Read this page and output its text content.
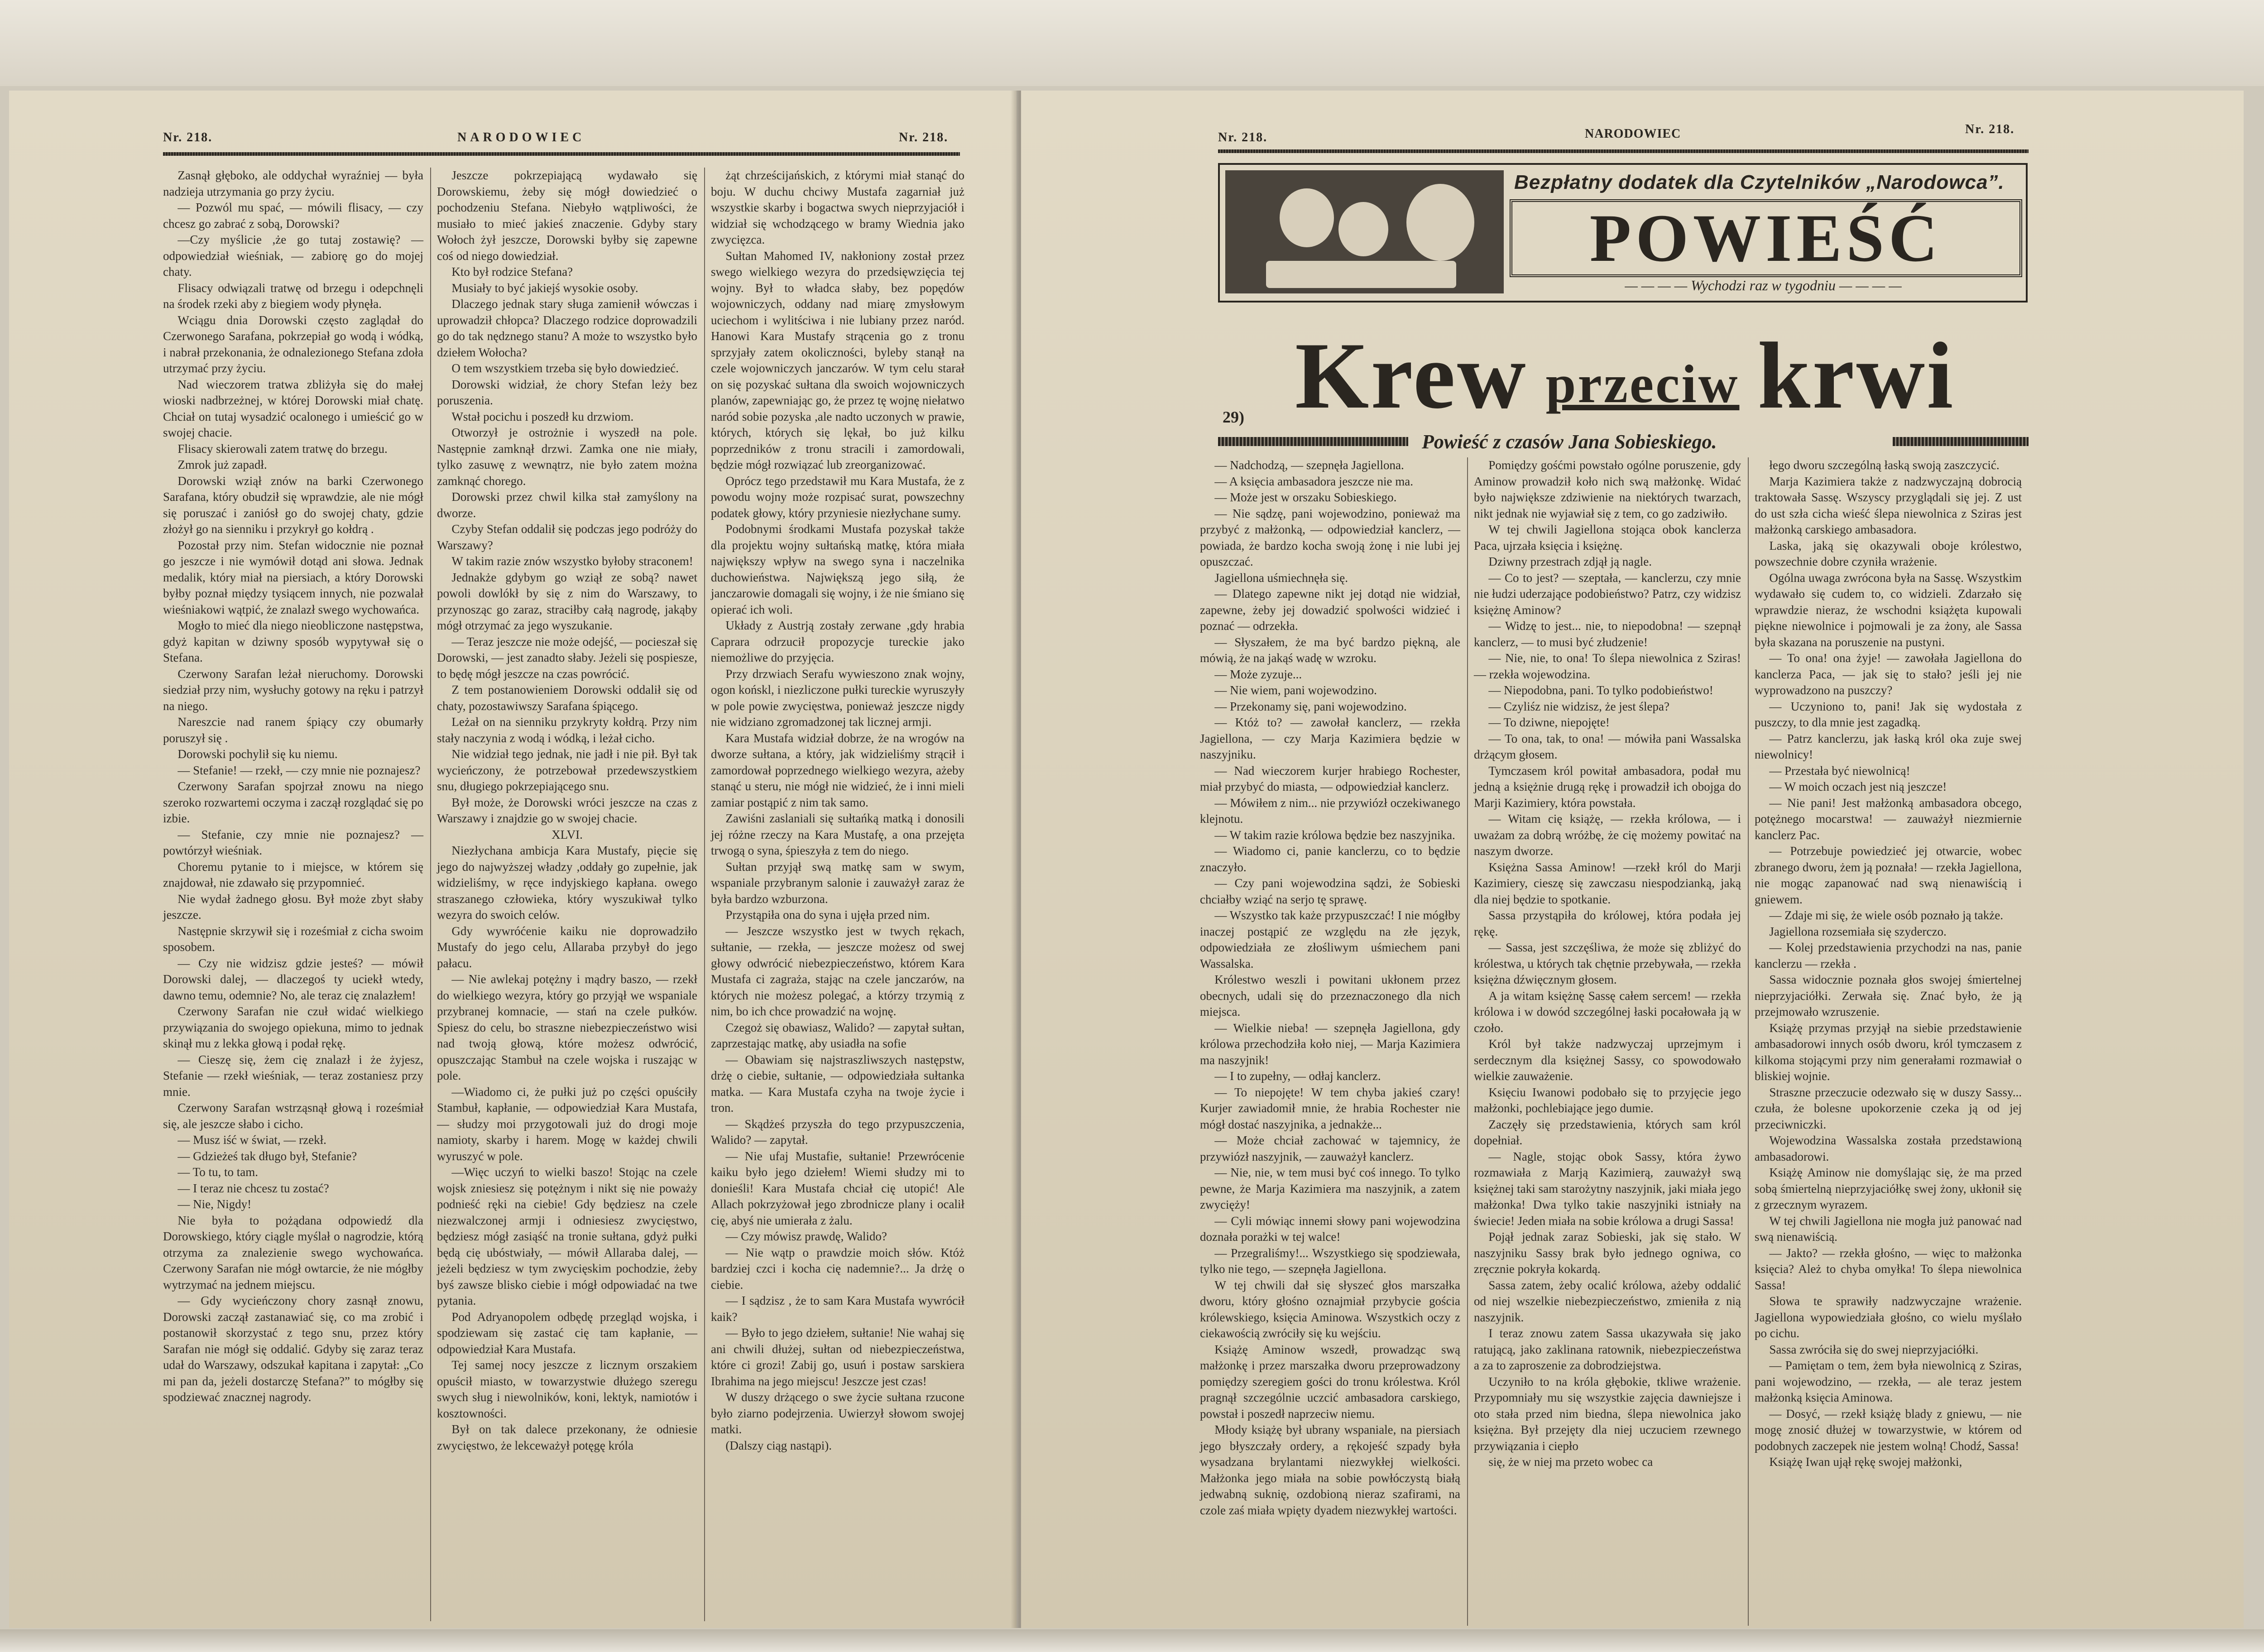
Nr. 218.	NARODOWIEC	Nr. 218.

Zasnął głęboko, ale oddychał wyraźniej — była nadzieja utrzymania go przy życiu.

— Pozwól mu spać, — mówili flisacy, — czy chcesz go zabrać z sobą, Dorowski?

—Czy myślicie ,że go tutaj zostawię? — odpowiedział wieśniak, — zabiorę go do mojej chaty.

Flisacy odwiązali tratwę od brzegu i odepchnęli na środek rzeki aby z biegiem wody płynęła.

Wciągu dnia Dorowski często zaglądał do Czerwonego Sarafana, pokrzepiał go wodą i wódką, i nabrał przekonania, że odnalezionego Stefana zdoła utrzymać przy życiu.

Nad wieczorem tratwa zbliżyła się do małej wioski nadbrzeżnej, w której Dorowski miał chatę. Chciał on tutaj wysadzić ocalonego i umieścić go w swojej chacie.

Flisacy skierowali zatem tratwę do brzegu.

Zmrok już zapadł.

Dorowski wziął znów na barki Czerwonego Sarafana, który obudził się wprawdzie, ale nie mógł się poruszać i zaniósł go do swojej chaty, gdzie złożył go na sienniku i przykrył go kołdrą .

Pozostał przy nim. Stefan widocznie nie poznał go jeszcze i nie wymówił dotąd ani słowa. Jednak medalik, który miał na piersiach, a który Dorowski byłby poznał między tysiącem innych, nie pozwalał wieśniakowi wątpić, że znalazł swego wychowańca.

Mogło to mieć dla niego nieobliczone następstwa, gdyż kapitan w dziwny sposób wypytywał się o Stefana.

Czerwony Sarafan leżał nieruchomy. Dorowski siedział przy nim, wysłuchy gotowy na ręku i patrzył na niego.

Nareszcie nad ranem śpiący czy obumarły poruszył się .

Dorowski pochylił się ku niemu.

— Stefanie! — rzekł, — czy mnie nie poznajesz?

Czerwony Sarafan spojrzał znowu na niego szeroko rozwartemi oczyma i zaczął rozglądać się po izbie.

— Stefanie, czy mnie nie poznajesz? — powtórzył wieśniak.

Choremu pytanie to i miejsce, w którem się znajdował, nie zdawało się przypomnieć.

Nie wydał żadnego głosu. Był może zbyt słaby jeszcze.

Następnie skrzywił się i roześmiał z cicha swoim sposobem.

— Czy nie widzisz gdzie jesteś? — mówił Dorowski dalej, — dlaczegoś ty uciekł wtedy, dawno temu, odemnie? No, ale teraz cię znalazłem!

Czerwony Sarafan nie czuł widać wielkiego przywiązania do swojego opiekuna, mimo to jednak skinął mu z lekka głową i podał rękę.

— Cieszę się, żem cię znalazł i że żyjesz, Stefanie — rzekł wieśniak, — teraz zostaniesz przy mnie.

Czerwony Sarafan wstrząsnął głową i roześmiał się, ale jeszcze słabo i cicho.

— Musz iść w świat, — rzekł.

— Gdzieżeś tak długo był, Stefanie?

— To tu, to tam.

— I teraz nie chcesz tu zostać?

— Nie, Nigdy!

Nie była to pożądana odpowiedź dla Dorowskiego, który ciągle myślał o nagrodzie, którą otrzyma za znalezienie swego wychowańca. Czerwony Sarafan nie mógł owtarcie, że nie mógłby wytrzymać na jednem miejscu.

— Gdy wycieńczony chory zasnął znowu, Dorowski zaczął zastanawiać się, co ma zrobić i postanowił skorzystać z tego snu, przez który Sarafan nie mógł się oddalić. Gdyby się zaraz teraz udał do Warszawy, odszukał kapitana i zapytał: „Co mi pan da, jeżeli dostarczę Stefana?” to mógłby się spodziewać znacznej nagrody.

Jeszcze pokrzepiającą wydawało się Dorowskiemu, żeby się mógł dowiedzieć o pochodzeniu Stefana. Niebyło wątpliwości, że musiało to mieć jakieś znaczenie. Gdyby stary Wołoch żył jeszcze, Dorowski byłby się zapewne coś od niego dowiedział.

Kto był rodzice Stefana?

Musiały to być jakiejś wysokie osoby.

Dlaczego jednak stary sługa zamienił wówczas i uprowadził chłopca? Dlaczego rodzice doprowadzili go do tak nędznego stanu? A może to wszystko było dziełem Wołocha?

O tem wszystkiem trzeba się było dowiedzieć.

Dorowski widział, że chory Stefan leży bez poruszenia.

Wstał pocichu i poszedł ku drzwiom.

Otworzył je ostrożnie i wyszedł na pole. Następnie zamknął drzwi. Zamka one nie miały, tylko zasuwę z wewnątrz, nie było zatem można zamknąć chorego.

Dorowski przez chwil kilka stał zamyślony na dworze.

Czyby Stefan oddalił się podczas jego podróży do Warszawy?

W takim razie znów wszystko byłoby straconem!

Jednakże gdybym go wziął ze sobą? nawet powoli dowlókł by się z nim do Warszawy, to przynosząc go zaraz, straciłby całą nagrodę, jakąby mógł otrzymać za jego wyszukanie.

— Teraz jeszcze nie może odejść, — pocieszał się Dorowski, — jest zanadto słaby. Jeżeli się pospiesze, to będę mógł jeszcze na czas powrócić.

Z tem postanowieniem Dorowski oddalił się od chaty, pozostawiwszy Sarafana śpiącego.

Leżał on na sienniku przykryty kołdrą. Przy nim stały naczynia z wodą i wódką, i leżał cicho.

Nie widział tego jednak, nie jadł i nie pił. Był tak wycieńczony, że potrzebował przedewszystkiem snu, długiego pokrzepiającego snu.

Był może, że Dorowski wróci jeszcze na czas z Warszawy i znajdzie go w swojej chacie.

XLVI.

Niezłychana ambicja Kara Mustafy, pięcie się jego do najwyższej władzy ,oddały go zupełnie, jak widzieliśmy, w ręce indyjskiego kapłana. owego straszanego człowieka, który wyszukiwał tylko wezyra do swoich celów.

Gdy wywróćenie kaiku nie doprowadziło Mustafy do jego celu, Allaraba przybył do jego pałacu.

— Nie awlekaj potężny i mądry baszo, — rzekł do wielkiego wezyra, który go przyjął we wspaniale przybranej komnacie, — stań na czele pułków. Spiesz do celu, bo straszne niebezpieczeństwo wisi nad twoją głową, które możesz odwrócić, opuszczając Stambuł na czele wojska i ruszając w pole.

—Wiadomo ci, że pułki już po części opuściły Stambuł, kapłanie, — odpowiedział Kara Mustafa, — słudzy moi przygotowali już do drogi moje namioty, skarby i harem. Mogę w każdej chwili wyruszyć w pole.

—Więc uczyń to wielki baszo! Stojąc na czele wojsk zniesiesz się potężnym i nikt się nie poważy podnieść ręki na ciebie! Gdy będziesz na czele niezwalczonej armji i odniesiesz zwycięstwo, będziesz mógł zasiąść na tronie sułtana, gdyż pułki będą cię ubóstwiały, — mówił Allaraba dalej, — jeżeli będziesz w tym zwycięskim pochodzie, żeby byś zawsze blisko ciebie i mógł odpowiadać na twe pytania.

Pod Adryanopolem odbędę przegląd wojska, i spodziewam się zastać cię tam kapłanie, — odpowiedział Kara Mustafa.

Tej samej nocy jeszcze z licznym orszakiem opuścił miasto, w towarzystwie dłużego szeregu swych sług i niewolników, koni, lektyk, namiotów i kosztowności.

Był on tak dalece przekonany, że odniesie zwycięstwo, że lekceważył potęgę króla

żąt chrześcijańskich, z którymi miał stanąć do boju. W duchu chciwy Mustafa zagarniał już wszystkie skarby i bogactwa swych nieprzyjaciół i widział się wchodzącego w bramy Wiednia jako zwycięzca.

Sułtan Mahomed IV, nakłoniony został przez swego wielkiego wezyra do przedsięwzięcia tej wojny. Był to władca słaby, bez popędów wojowniczych, oddany nad miarę zmysłowym uciechom i wylitściwa i nie lubiany przez naród. Hanowi Kara Mustafy strącenia go z tronu sprzyjały zatem okoliczności, byleby stanął na czele wojowniczych janczarów. W tym celu starał on się pozyskać sułtana dla swoich wojowniczych planów, zapewniając go, że przez tę wojnę niełatwo naród sobie pozyska ,ale nadto uczonych w prawie, których, których się lękał, bo już kilku poprzedników z tronu stracili i zamordowali, będzie mógł rozwiązać lub zreorganizować.

Oprócz tego przedstawił mu Kara Mustafa, że z powodu wojny może rozpisać surat, powszechny podatek głowy, który przyniesie niezłychane sumy.

Podobnymi środkami Mustafa pozyskał także dla projektu wojny sułtańską matkę, która miała największy wpływ na swego syna i naczelnika duchowieństwa. Największą jego siłą, że janczarowie domagali się wojny, i że nie śmiano się opierać ich woli.

Układy z Austrją zostały zerwane ,gdy hrabia Caprara odrzucił propozycje tureckie jako niemożliwe do przyjęcia.

Przy drzwiach Serafu wywieszono znak wojny, ogon końskl, i niezliczone pułki tureckie wyruszyły w pole powie zwycięstwa, ponieważ jeszcze nigdy nie widziano zgromadzonej tak licznej armji.

Kara Mustafa widział dobrze, że na wrogów na dworze sułtana, a który, jak widzieliśmy strącił i zamordował poprzednego wielkiego wezyra, ażeby stanąć u steru, nie mógł nie widzieć, że i inni mieli zamiar postąpić z nim tak samo.

Zawiśni zaslaniali się sułtańką matką i donosili jej różne rzeczy na Kara Mustafę, a ona przejęta trwogą o syna, śpieszyła z tem do niego.

Sułtan przyjął swą matkę sam w swym, wspaniale przybranym salonie i zauważył zaraz że była bardzo wzburzona.

Przystąpiła ona do syna i ujęła przed nim.

— Jeszcze wszystko jest w twych rękach, sułtanie, — rzekła, — jeszcze możesz od swej głowy odwrócić niebezpieczeństwo, którem Kara Mustafa ci zagraża, stając na czele janczarów, na których nie możesz polegać, a którzy trzymią z nim, bo ich chce prowadzić na wojnę.

Czegoż się obawiasz, Walido? — zapytał sułtan, zaprzestając matkę, aby usiadła na sofie

— Obawiam się najstraszliwszych następstw, drżę o ciebie, sułtanie, — odpowiedziała sułtanka matka. — Kara Mustafa czyha na twoje życie i tron.

— Skądżeś przyszła do tego przypuszczenia, Walido? — zapytał.

— Nie ufaj Mustafie, sułtanie! Przewrócenie kaiku było jego dziełem! Wiemi słudzy mi to donieśli! Kara Mustafa chciał cię utopić! Ale Allach pokrzyżował jego zbrodnicze plany i ocalił cię, abyś nie umierała z żalu.

— Czy mówisz prawdę, Walido?

— Nie wątp o prawdzie moich słów. Któż bardziej czci i kocha cię nademnie?... Ja drżę o ciebie.

— I sądzisz , że to sam Kara Mustafa wywrócił kaik?

— Było to jego dziełem, sułtanie! Nie wahaj się ani chwili dłużej, sułtan od niebezpieczeństwa, które ci grozi! Zabij go, usuń i postaw sarskiera Ibrahima na jego miejscu! Jeszcze jest czas!

W duszy drżącego o swe życie sułtana rzucone było ziarno podejrzenia. Uwierzył słowom swojej matki.

(Dalszy ciąg nastąpi).

Nr. 218.	NARODOWIEC	Nr. 218.
Bezpłatny dodatek dla Czytelników „Narodowca”.
POWIEŚĆ
— — — — Wychodzi raz w tygodniu — — — —
Krew przeciw krwi
29)
Powieść z czasów Jana Sobieskiego.

— Nadchodzą, — szepnęła Jagiellona.

— A księcia ambasadora jeszcze nie ma.

— Może jest w orszaku Sobieskiego.

— Nie sądzę, pani wojewodzino, ponieważ ma przybyć z małżonką, — odpowiedział kanclerz, — powiada, że bardzo kocha swoją żonę i nie lubi jej opuszczać.

Jagiellona uśmiechnęła się.

— Dlatego zapewne nikt jej dotąd nie widział, zapewne, żeby jej dowadzić spolwości widzieć i poznać — odrzekła.

— Słyszałem, że ma być bardzo piękną, ale mówią, że na jakąś wadę w wzroku.

— Może zyzuje...

— Nie wiem, pani wojewodzino.

— Przekonamy się, pani wojewodzino.

— Któż to? — zawołał kanclerz, — rzekła Jagiellona, — czy Marja Kazimiera będzie w naszyjniku.

— Nad wieczorem kurjer hrabiego Rochester, miał przybyć do miasta, — odpowiedział kanclerz.

— Mówiłem z nim... nie przywiózł oczekiwanego klejnotu.

— W takim razie królowa będzie bez naszyjnika.

— Wiadomo ci, panie kanclerzu, co to będzie znaczyło.

— Czy pani wojewodzina sądzi, że Sobieski chciałby wziąć na serjo tę sprawę.

— Wszystko tak każe przypuszczać! I nie mógłby inaczej postąpić ze względu na złe język, odpowiedziała ze złośliwym uśmiechem pani Wassalska.

Królestwo weszli i powitani ukłonem przez obecnych, udali się do przeznaczonego dla nich miejsca.

— Wielkie nieba! — szepnęła Jagiellona, gdy królowa przechodziła koło niej, — Marja Kazimiera ma naszyjnik!

— I to zupełny, — odłaj kanclerz.

— To niepojęte! W tem chyba jakieś czary! Kurjer zawiadomił mnie, że hrabia Rochester nie mógł dostać naszyjnika, a jednakże...

— Może chciał zachować w tajemnicy, że przywiózł naszyjnik, — zauważył kanclerz.

— Nie, nie, w tem musi być coś innego. To tylko pewne, że Marja Kazimiera ma naszyjnik, a zatem zwycięży!

— Cyli mówiąc innemi słowy pani wojewodzina doznała porażki w tej walce!

— Przegraliśmy!... Wszystkiego się spodziewała, tylko nie tego, — szepnęła Jagiellona.

W tej chwili dał się słyszeć głos marszałka dworu, który głośno oznajmiał przybycie gościa królewskiego, księcia Aminowa. Wszystkich oczy z ciekawością zwróciły się ku wejściu.

Książę Aminow wszedł, prowadząc swą małżonkę i przez marszałka dworu przeprowadzony pomiędzy szeregiem gości do tronu królestwa. Król pragnął szczególnie uczcić ambasadora carskiego, powstał i poszedł naprzeciw niemu.

Młody książę był ubrany wspaniale, na piersiach jego błyszczały ordery, a rękojeść szpady była wysadzana brylantami niezwykłej wielkości. Małżonka jego miała na sobie powłóczystą białą jedwabną suknię, ozdobioną nieraz szafirami, na czole zaś miała wpięty dyadem niezwykłej wartości.

Pomiędzy gośćmi powstało ogólne poruszenie, gdy Aminow prowadził koło nich swą małżonkę. Widać było największe zdziwienie na niektórych twarzach, nikt jednak nie wyjawiał się z tem, co go zadziwiło.

W tej chwili Jagiellona stojąca obok kanclerza Paca, ujrzała księcia i księżnę.

Dziwny przestrach zdjął ją nagle.

— Co to jest? — szeptała, — kanclerzu, czy mnie nie łudzi uderzające podobieństwo? Patrz, czy widzisz księżnę Aminow?

— Widzę to jest... nie, to niepodobna! — szepnął kanclerz, — to musi być złudzenie!

— Nie, nie, to ona! To ślepa niewolnica z Sziras! — rzekła wojewodzina.

— Niepodobna, pani. To tylko podobieństwo!

— Czyliśz nie widzisz, że jest ślepa?

— To dziwne, niepojęte!

— To ona, tak, to ona! — mówiła pani Wassalska drżącym głosem.

Tymczasem król powitał ambasadora, podał mu jedną a księżnie drugą rękę i prowadził ich obojga do Marji Kazimiery, która powstała.

— Witam cię książę, — rzekła królowa, — i uważam za dobrą wróżbę, że cię możemy powitać na naszym dworze.

Księżna Sassa Aminow! —rzekł król do Marji Kazimiery, cieszę się zawczasu niespodzianką, jaką dla niej będzie to spotkanie.

Sassa przystąpiła do królowej, która podała jej rękę.

— Sassa, jest szczęśliwa, że może się zbliżyć do królestwa, u których tak chętnie przebywała, — rzekła księżna dźwięcznym głosem.

A ja witam księżnę Sassę całem sercem! — rzekła królowa i w dowód szczególnej łaski pocałowała ją w czoło.

Król był także nadzwyczaj uprzejmym i serdecznym dla księżnej Sassy, co spowodowało wielkie zauważenie.

Księciu Iwanowi podobało się to przyjęcie jego małżonki, pochlebiające jego dumie.

Zaczęły się przedstawienia, których sam król dopełniał.

— Nagle, stojąc obok Sassy, która żywo rozmawiała z Marją Kazimierą, zauważył swą księżnej taki sam starożytny naszyjnik, jaki miała jego małżonka! Dwa tylko takie naszyjniki istniały na świecie! Jeden miała na sobie królowa a drugi Sassa!

Pojął jednak zaraz Sobieski, jak się stało. W naszyjniku Sassy brak było jednego ogniwa, co zręcznie pokryła kokardą.

Sassa zatem, żeby ocalić królowa, ażeby oddalić od niej wszelkie niebezpieczeństwo, zmieniła z nią naszyjnik.

I teraz znowu zatem Sassa ukazywała się jako ratującą, jako zaklinana ratownik, niebezpieczeństwa a za to zaproszenie za dobrodziejstwa.

Uczyniło to na króla głębokie, tkliwe wrażenie. Przypomniały mu się wszystkie zajęcia dawniejsze i oto stała przed nim biedna, ślepa niewolnica jako księżna. Był przejęty dla niej uczuciem rzewnego przywiązania i ciepło

się, że w niej ma przeto wobec ca

łego dworu szczególną łaską swoją zaszczycić.

Marja Kazimiera także z nadzwyczajną dobrocią traktowała Sassę. Wszyscy przyglądali się jej. Z ust do ust szła cicha wieść ślepa niewolnica z Sziras jest małżonką carskiego ambasadora.

Laska, jaką się okazywali oboje królestwo, powszechnie dobre czyniła wrażenie.

Ogólna uwaga zwrócona była na Sassę. Wszystkim wydawało się cudem to, co widzieli. Zdarzało się wprawdzie nieraz, że wschodni książęta kupowali piękne niewolnice i pojmowali je za żony, ale Sassa była skazana na poruszenie na pustyni.

— To ona! ona żyje! — zawołała Jagiellona do kanclerza Paca, — jak się to stało? jeśli jej nie wyprowadzono na puszczy?

— Uczyniono to, pani! Jak się wydostała z puszczy, to dla mnie jest zagadką.

— Patrz kanclerzu, jak łaską król oka zuje swej niewolnicy!

— Przestała być niewolnicą!

— W moich oczach jest nią jeszcze!

— Nie pani! Jest małżonką ambasadora obcego, potężnego mocarstwa! — zauważył niezmiernie kanclerz Pac.

— Potrzebuje powiedzieć jej otwarcie, wobec zbranego dworu, żem ją poznała! — rzekła Jagiellona, nie mogąc zapanować nad swą nienawiścią i gniewem.

— Zdaje mi się, że wiele osób poznało ją także.

Jagiellona rozsemiała się szyderczo.

— Kolej przedstawienia przychodzi na nas, panie kanclerzu — rzekła .

Sassa widocznie poznała głos swojej śmiertelnej nieprzyjaciółki. Zerwała się. Znać było, że ją przejmowało wzruszenie.

Książę przymas przyjął na siebie przedstawienie ambasadorowi innych osób dworu, król tymczasem z kilkoma stojącymi przy nim generałami rozmawiał o bliskiej wojnie.

Straszne przeczucie odezwało się w duszy Sassy... czuła, że bolesne upokorzenie czeka ją od jej przeciwniczki.

Wojewodzina Wassalska została przedstawioną ambasadorowi.

Książę Aminow nie domyślając się, że ma przed sobą śmiertelną nieprzyjaciółkę swej żony, ukłonił się z grzecznym wyrazem.

W tej chwili Jagiellona nie mogła już panować nad swą nienawiścią.

— Jakto? — rzekła głośno, — więc to małżonka księcia? Ależ to chyba omyłka! To ślepa niewolnica Sassa!

Słowa te sprawiły nadzwyczajne wrażenie. Jagiellona wypowiedziała głośno, co wielu myślało po cichu.

Sassa zwróciła się do swej nieprzyjaciółki.

— Pamiętam o tem, żem była niewolnicą z Sziras, pani wojewodzino, — rzekła, — ale teraz jestem małżonką księcia Aminowa.

— Dosyć, — rzekł książę blady z gniewu, — nie mogę znosić dłużej w towarzystwie, w którem od podobnych zaczepek nie jestem wolną! Chodź, Sassa!

Książę Iwan ujął rękę swojej małżonki,
